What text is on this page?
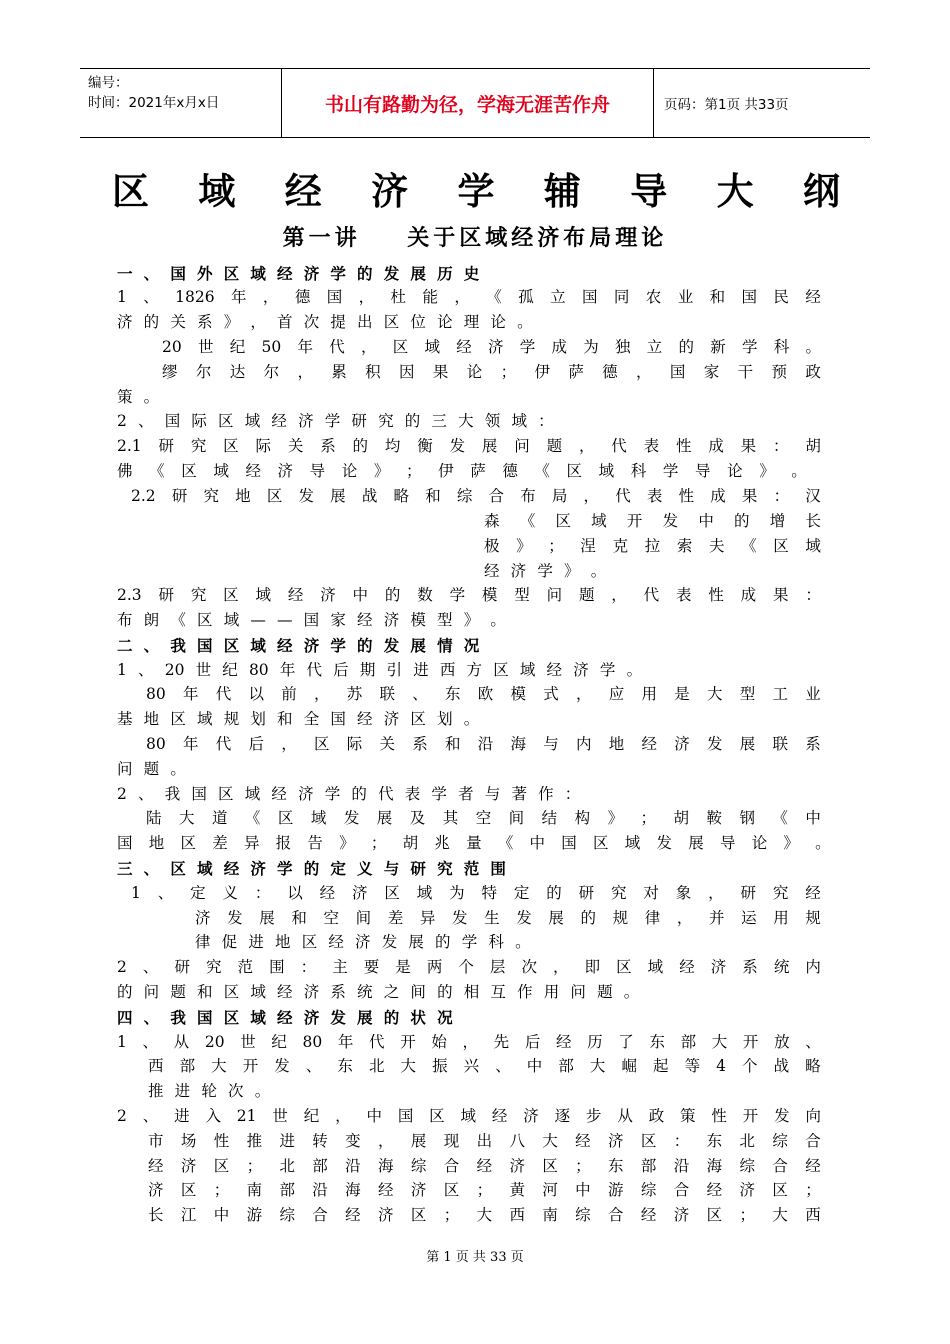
编号：
时间：2021年x月x日	书山有路勤为径，学海无涯苦作舟	页码：第1页 共33页
区 域 经 济 学 辅 导 大 纲
第一讲    关于区域经济布局理论
一 、 国 外 区 域 经 济 学 的 发 展 历 史
1 、 1826 年 ， 德 国 ， 杜 能 ， 《 孤 立 国 同 农 业 和 国 民 经
济 的 关 系 》 ， 首 次 提 出 区 位 论 理 论 。
20 世 纪 50 年 代 ， 区 域 经 济 学 成 为 独 立 的 新 学 科 。
缪 尔 达 尔 ， 累 积 因 果 论 ； 伊 萨 德 ， 国 家 干 预 政
策 。
2 、 国 际 区 域 经 济 学 研 究 的 三 大 领 域 ：
2.1 研 究 区 际 关 系 的 均 衡 发 展 问 题 ， 代 表 性 成 果 ： 胡
佛 《 区 域 经 济 导 论 》 ； 伊 萨 德 《 区 域 科 学 导 论 》 。
2.2 研 究 地 区 发 展 战 略 和 综 合 布 局 ， 代 表 性 成 果 ： 汉
森 《 区 域 开 发 中 的 增 长
极 》 ； 涅 克 拉 索 夫 《 区 域
经 济 学 》 。
2.3 研 究 区 域 经 济 中 的 数 学 模 型 问 题 ， 代 表 性 成 果 ：
布 朗 《 区 域 — — 国 家 经 济 模 型 》 。
二 、 我 国 区 域 经 济 学 的 发 展 情 况
1 、 20 世 纪 80 年 代 后 期 引 进 西 方 区 域 经 济 学 。
80 年 代 以 前 ， 苏 联 、 东 欧 模 式 ， 应 用 是 大 型 工 业
基 地 区 域 规 划 和 全 国 经 济 区 划 。
80 年 代 后 ， 区 际 关 系 和 沿 海 与 内 地 经 济 发 展 联 系
问 题 。
2 、 我 国 区 域 经 济 学 的 代 表 学 者 与 著 作 ：
陆 大 道 《 区 域 发 展 及 其 空 间 结 构 》 ； 胡 鞍 钢 《 中
国 地 区 差 异 报 告 》 ； 胡 兆 量 《 中 国 区 域 发 展 导 论 》 。
三 、 区 域 经 济 学 的 定 义 与 研 究 范 围
1 、 定 义 ： 以 经 济 区 域 为 特 定 的 研 究 对 象 ， 研 究 经
济 发 展 和 空 间 差 异 发 生 发 展 的 规 律 ， 并 运 用 规
律 促 进 地 区 经 济 发 展 的 学 科 。
2 、 研 究 范 围 ： 主 要 是 两 个 层 次 ， 即 区 域 经 济 系 统 内
的 问 题 和 区 域 经 济 系 统 之 间 的 相 互 作 用 问 题 。
四 、 我 国 区 域 经 济 发 展 的 状 况
1 、 从 20 世 纪 80 年 代 开 始 ， 先 后 经 历 了 东 部 大 开 放 、
西 部 大 开 发 、 东 北 大 振 兴 、 中 部 大 崛 起 等 4 个 战 略
推 进 轮 次 。
2 、 进 入 21 世 纪 ， 中 国 区 域 经 济 逐 步 从 政 策 性 开 发 向
市 场 性 推 进 转 变 ， 展 现 出 八 大 经 济 区 ： 东 北 综 合
经 济 区 ； 北 部 沿 海 综 合 经 济 区 ； 东 部 沿 海 综 合 经
济 区 ； 南 部 沿 海 经 济 区 ； 黄 河 中 游 综 合 经 济 区 ；
长 江 中 游 综 合 经 济 区 ； 大 西 南 综 合 经 济 区 ； 大 西
第 1 页 共 33 页
